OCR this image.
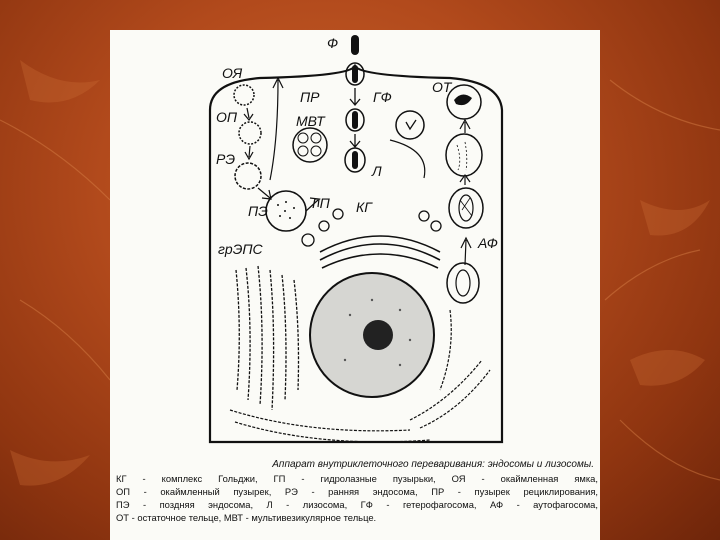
Ф
ОЯ
ПР	ГФ
ОТ
ОП	МВТ
РЭ
Л
ПЭ	ГП КГ
АФ
грЭПС
Аппарат внутриклеточного переваривания: эндосомы и лизосомы.
КГ - комплекс Гольджи, ГП - гидролазные пузырьки, ОЯ - окаймленная ямка,
ОП - окаймленный пузырек, РЭ - ранняя эндосома, ПР - пузырек рециклирования,
ПЭ - поздняя эндосома, Л - лизосома, ГФ - гетерофагосома, АФ - аутофагосома,
ОТ - остаточное тельце, МВТ - мультивезикулярное тельце.
